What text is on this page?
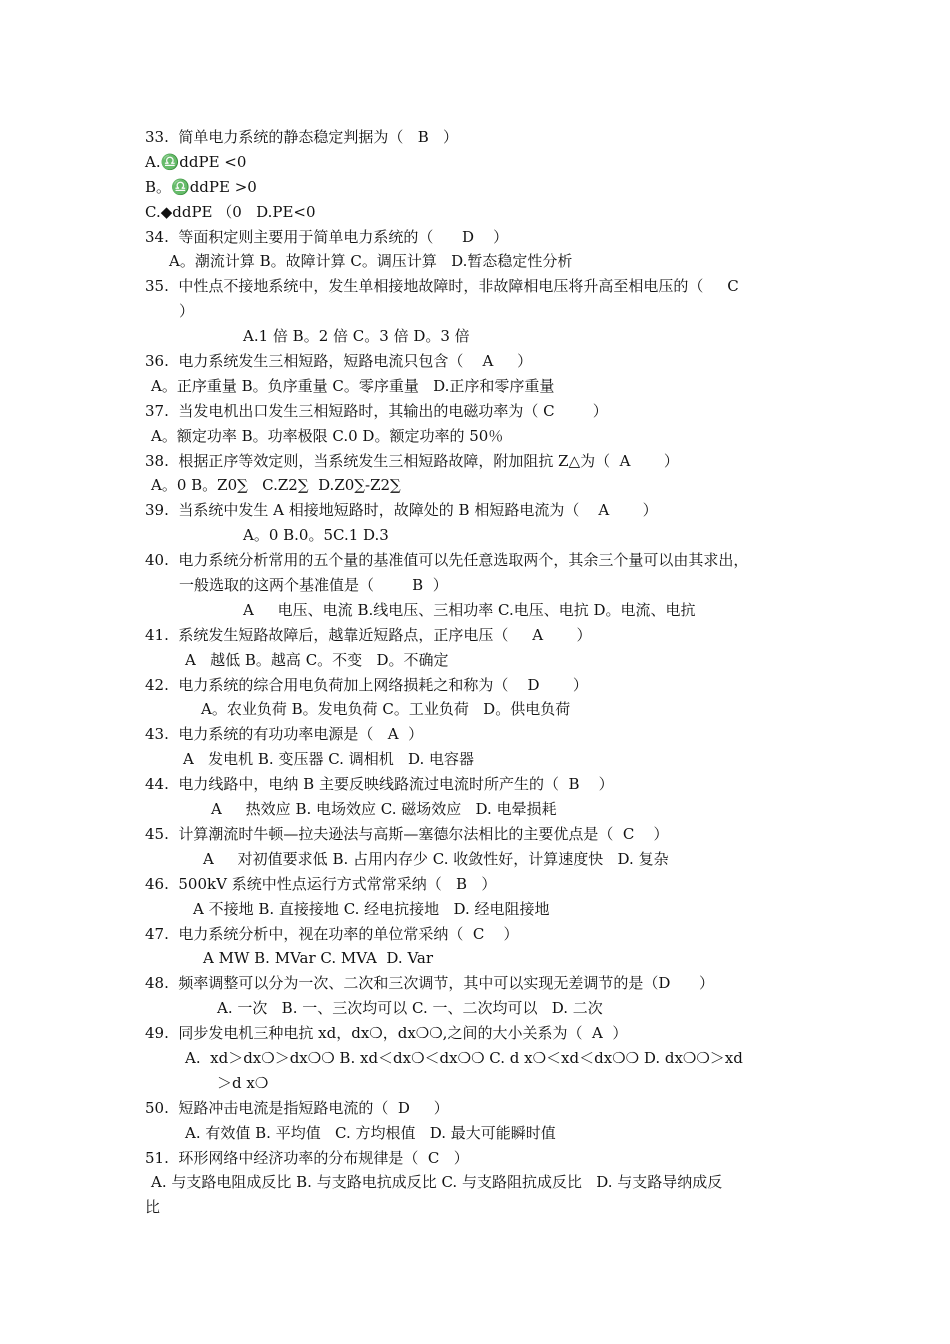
33.  简单电力系统的静态稳定判据为（   B   ）
A.♎ddPE <0
B。♎ddPE >0
C.◆ddPE （0   D.PE<0
34.  等面积定则主要用于简单电力系统的（      D    ）
A。潮流计算 B。故障计算 C。调压计算   D.暂态稳定性分析
35.  中性点不接地系统中，发生单相接地故障时，非故障相电压将升高至相电压的（     C
）
A.1 倍 B。2 倍 C。3 倍 D。3 倍
36.  电力系统发生三相短路，短路电流只包含（    A     ）
A。正序重量 B。负序重量 C。零序重量   D.正序和零序重量
37.  当发电机出口发生三相短路时，其输出的电磁功率为（ C        ）
A。额定功率 B。功率极限 C.0 D。额定功率的 50％
38.  根据正序等效定则，当系统发生三相短路故障，附加阻抗 Z△为（  A       ）
A。0 B。Z0∑   C.Z2∑  D.Z0∑-Z2∑
39.  当系统中发生 A 相接地短路时，故障处的 B 相短路电流为（    A       ）
A。0 B.0。5C.1 D.3
40.  电力系统分析常用的五个量的基准值可以先任意选取两个，其余三个量可以由其求出，
一般选取的这两个基准值是（        B  ）
A     电压、电流 B.线电压、三相功率 C.电压、电抗 D。电流、电抗
41.  系统发生短路故障后，越靠近短路点，正序电压（     A       ）
A   越低 B。越高 C。不变   D。不确定
42.  电力系统的综合用电负荷加上网络损耗之和称为（    D       ）
A。农业负荷 B。发电负荷 C。工业负荷   D。供电负荷
43.  电力系统的有功功率电源是（   A  ）
A   发电机 B. 变压器 C. 调相机   D. 电容器
44.  电力线路中，电纳 B 主要反映线路流过电流时所产生的（  B    ）
A     热效应 B. 电场效应 C. 磁场效应   D. 电晕损耗
45.  计算潮流时牛顿—拉夫逊法与高斯—塞德尔法相比的主要优点是（  C    ）
A     对初值要求低 B. 占用内存少 C. 收敛性好，计算速度快   D. 复杂
46.  500kV 系统中性点运行方式常常采纳（   B   ）
A 不接地 B. 直接接地 C. 经电抗接地   D. 经电阻接地
47.  电力系统分析中，视在功率的单位常采纳（  C    ）
A MW B. MVar C. MVA  D. Var
48.  频率调整可以分为一次、二次和三次调节，其中可以实现无差调节的是（D      ）
A. 一次   B. 一、三次均可以 C. 一、二次均可以   D. 二次
49.  同步发电机三种电抗 xd，dx❍，dx❍❍,之间的大小关系为（  A  ）
A.  xd＞dx❍＞dx❍❍ B. xd＜dx❍＜dx❍❍ C. d x❍＜xd＜dx❍❍ D. dx❍❍＞xd
＞d x❍
50.  短路冲击电流是指短路电流的（  D     ）
A. 有效值 B. 平均值   C. 方均根值   D. 最大可能瞬时值
51.  环形网络中经济功率的分布规律是（  C   ）
A. 与支路电阻成反比 B. 与支路电抗成反比 C. 与支路阻抗成反比   D. 与支路导纳成反
比
